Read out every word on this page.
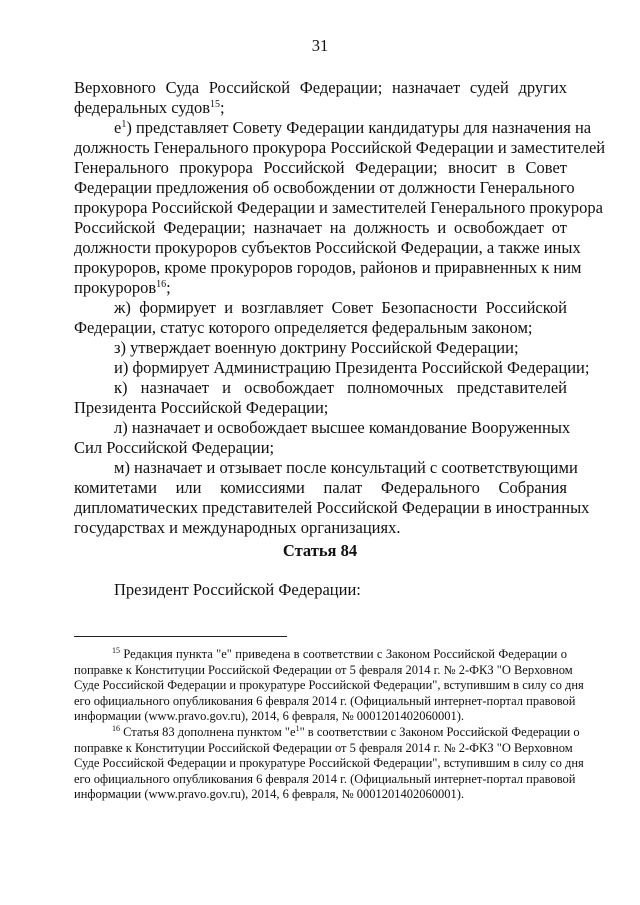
31
Верховного Суда Российской Федерации; назначает судей других
федеральных судов$^{15}$;
$е^1$) представляет Совету Федерации кандидатуры для назначения на
должность Генерального прокурора Российской Федерации и заместителей
Генерального прокурора Российской Федерации; вносит в Совет
Федерации предложения об освобождении от должности Генерального
прокурора Российской Федерации и заместителей Генерального прокурора
Российской Федерации; назначает на должность и освобождает от
должности прокуроров субъектов Российской Федерации, а также иных
прокуроров, кроме прокуроров городов, районов и приравненных к ним
прокуроров$^{16}$;
ж) формирует и возглавляет Совет Безопасности Российской
Федерации, статус которого определяется федеральным законом;
з) утверждает военную доктрину Российской Федерации;
и) формирует Администрацию Президента Российской Федерации;
к) назначает и освобождает полномочных представителей
Президента Российской Федерации;
л) назначает и освобождает высшее командование Вооруженных
Сил Российской Федерации;
м) назначает и отзывает после консультаций с соответствующими
комитетами или комиссиями палат Федерального Собрания
дипломатических представителей Российской Федерации в иностранных
государствах и международных организациях.
Статья 84
Президент Российской Федерации:
$^{15}$ Редакция пункта "е" приведена в соответствии с Законом Российской Федерации о
поправке к Конституции Российской Федерации от 5 февраля 2014 г. № 2-ФКЗ "О Верховном
Суде Российской Федерации и прокуратуре Российской Федерации", вступившим в силу со дня
его официального опубликования 6 февраля 2014 г. (Официальный интернет-портал правовой
информации (www.pravo.gov.ru), 2014, 6 февраля, № 0001201402060001).
$^{16}$ Статья 83 дополнена пунктом "$е^1$" в соответствии с Законом Российской Федерации о
поправке к Конституции Российской Федерации от 5 февраля 2014 г. № 2-ФКЗ "О Верховном
Суде Российской Федерации и прокуратуре Российской Федерации", вступившим в силу со дня
его официального опубликования 6 февраля 2014 г. (Официальный интернет-портал правовой
информации (www.pravo.gov.ru), 2014, 6 февраля, № 0001201402060001).
